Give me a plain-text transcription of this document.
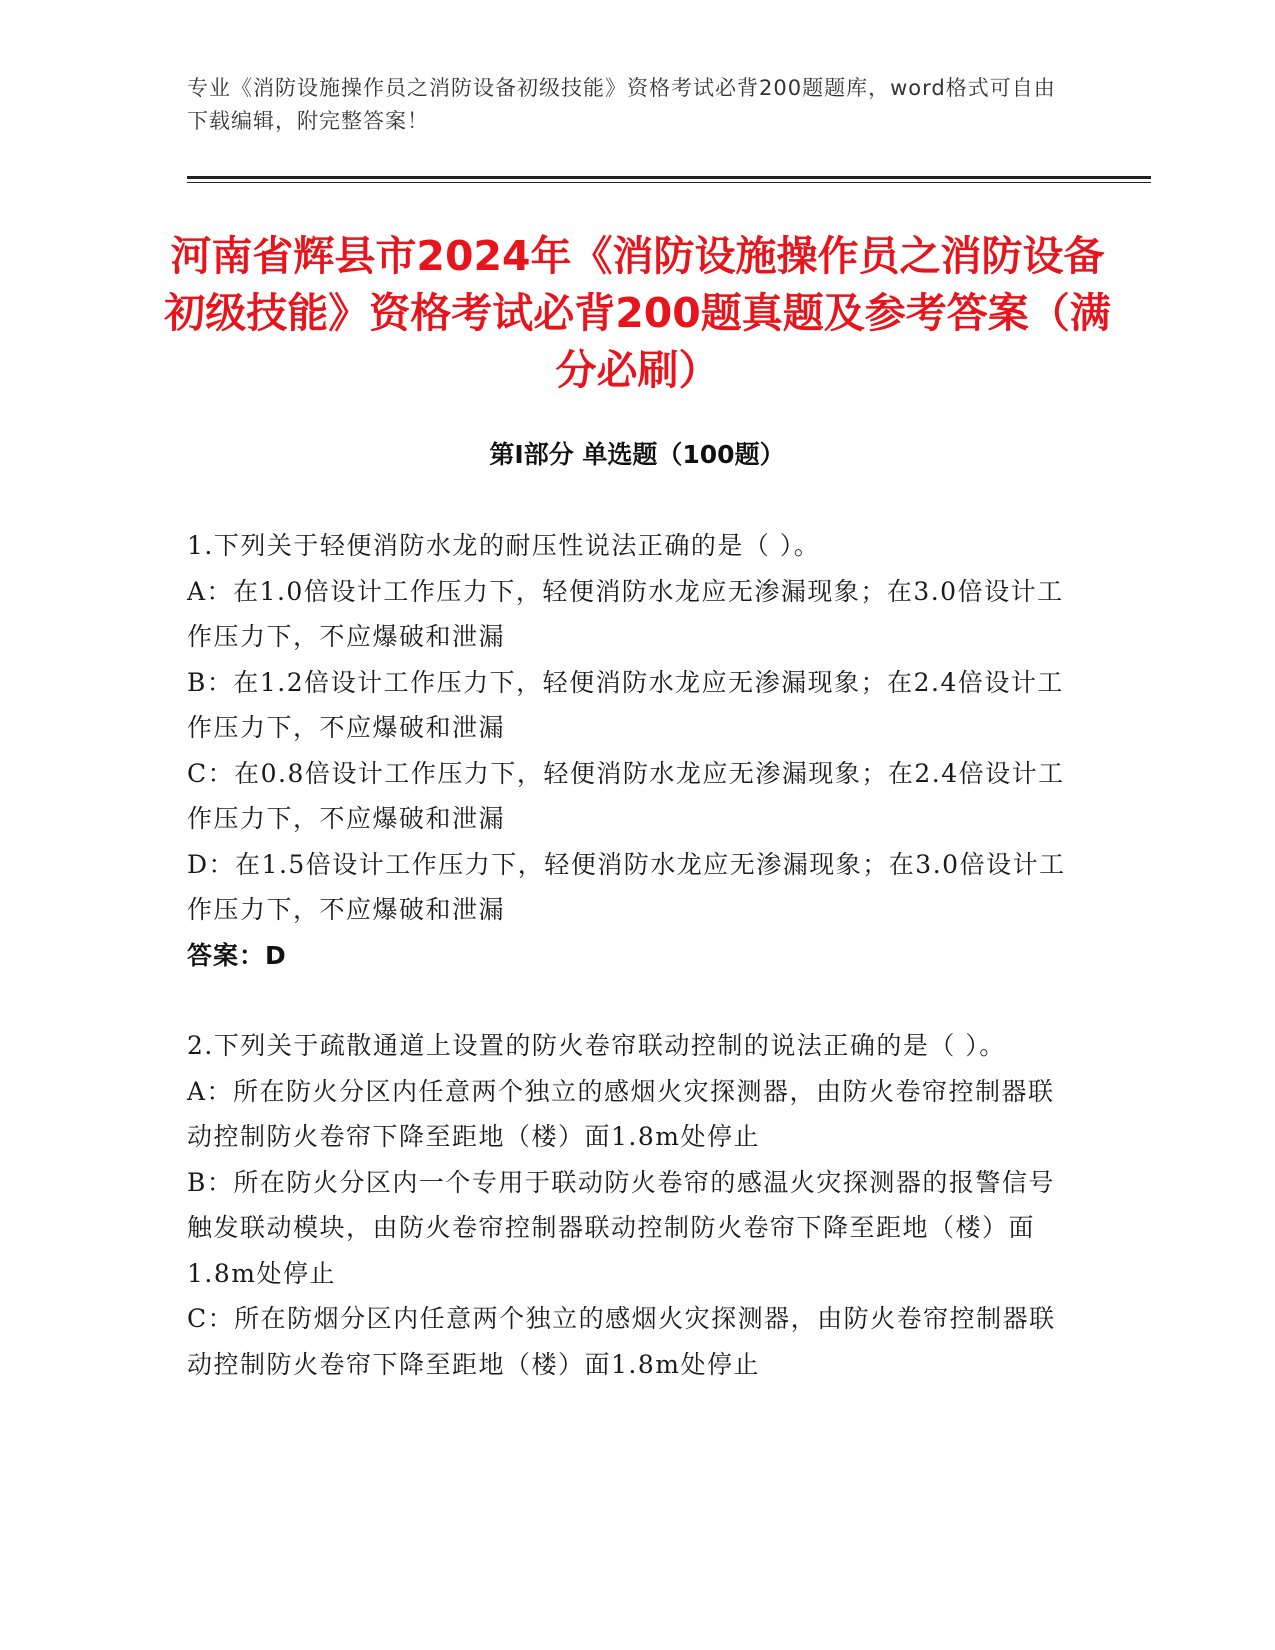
专业《消防设施操作员之消防设备初级技能》资格考试必背200题题库，word格式可自由下载编辑，附完整答案！
河南省辉县市2024年《消防设施操作员之消防设备初级技能》资格考试必背200题真题及参考答案（满分必刷）
第I部分 单选题（100题）
1.下列关于轻便消防水龙的耐压性说法正确的是（ ）。
A：在1.0倍设计工作压力下，轻便消防水龙应无渗漏现象；在3.0倍设计工作压力下，不应爆破和泄漏
B：在1.2倍设计工作压力下，轻便消防水龙应无渗漏现象；在2.4倍设计工作压力下，不应爆破和泄漏
C：在0.8倍设计工作压力下，轻便消防水龙应无渗漏现象；在2.4倍设计工作压力下，不应爆破和泄漏
D：在1.5倍设计工作压力下，轻便消防水龙应无渗漏现象；在3.0倍设计工作压力下，不应爆破和泄漏
答案：D
2.下列关于疏散通道上设置的防火卷帘联动控制的说法正确的是（ ）。
A：所在防火分区内任意两个独立的感烟火灾探测器，由防火卷帘控制器联动控制防火卷帘下降至距地（楼）面1.8m处停止
B：所在防火分区内一个专用于联动防火卷帘的感温火灾探测器的报警信号触发联动模块，由防火卷帘控制器联动控制防火卷帘下降至距地（楼）面1.8m处停止
C：所在防烟分区内任意两个独立的感烟火灾探测器，由防火卷帘控制器联动控制防火卷帘下降至距地（楼）面1.8m处停止
